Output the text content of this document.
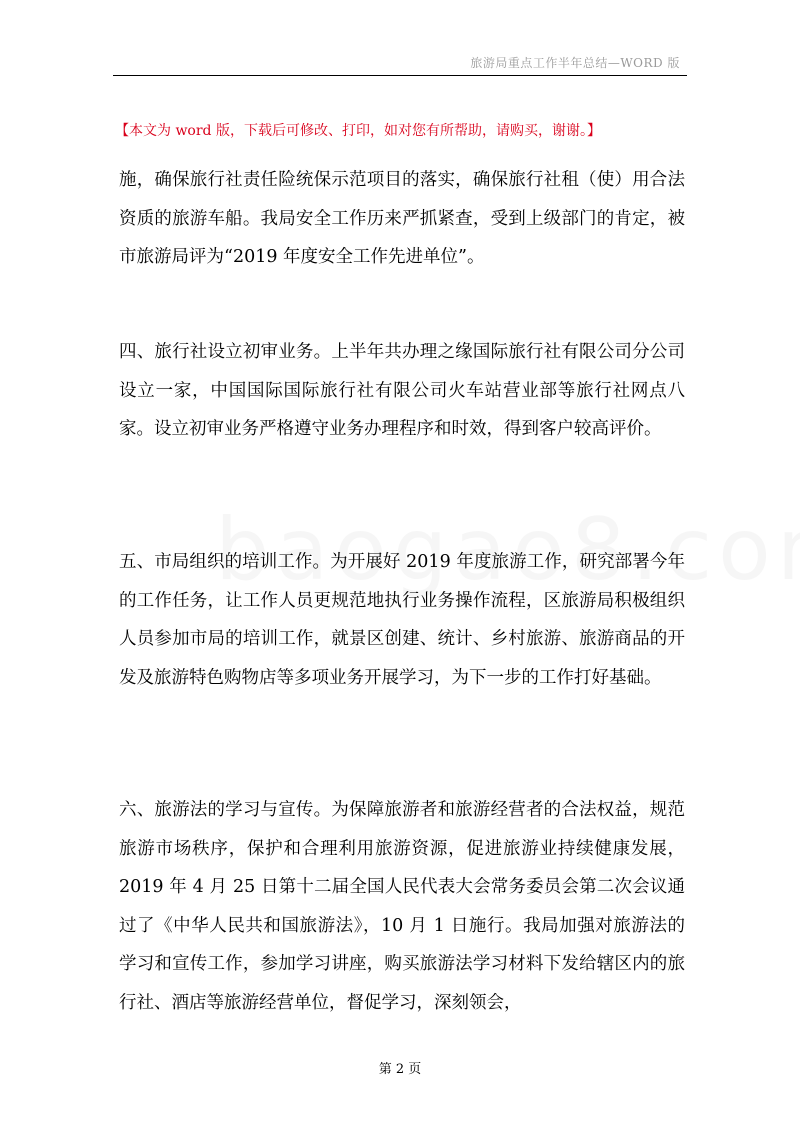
旅游局重点工作半年总结—WORD 版
【本文为 word 版，下载后可修改、打印，如对您有所帮助，请购买，谢谢。】

施，确保旅行社责任险统保示范项目的落实，确保旅行社租（使）用合法资质的旅游车船。我局安全工作历来严抓紧查，受到上级部门的肯定，被市旅游局评为“2019 年度安全工作先进单位”。

四、旅行社设立初审业务。上半年共办理之缘国际旅行社有限公司分公司设立一家，中国国际国际旅行社有限公司火车站营业部等旅行社网点八家。设立初审业务严格遵守业务办理程序和时效，得到客户较高评价。

五、市局组织的培训工作。为开展好 2019 年度旅游工作，研究部署今年的工作任务，让工作人员更规范地执行业务操作流程，区旅游局积极组织人员参加市局的培训工作，就景区创建、统计、乡村旅游、旅游商品的开发及旅游特色购物店等多项业务开展学习，为下一步的工作打好基础。

六、旅游法的学习与宣传。为保障旅游者和旅游经营者的合法权益，规范旅游市场秩序，保护和合理利用旅游资源，促进旅游业持续健康发展，2019 年 4 月 25 日第十二届全国人民代表大会常务委员会第二次会议通过了《中华人民共和国旅游法》，10 月 1 日施行。我局加强对旅游法的学习和宣传工作，参加学习讲座，购买旅游法学习材料下发给辖区内的旅行社、酒店等旅游经营单位，督促学习，深刻领会，

第 2 页
